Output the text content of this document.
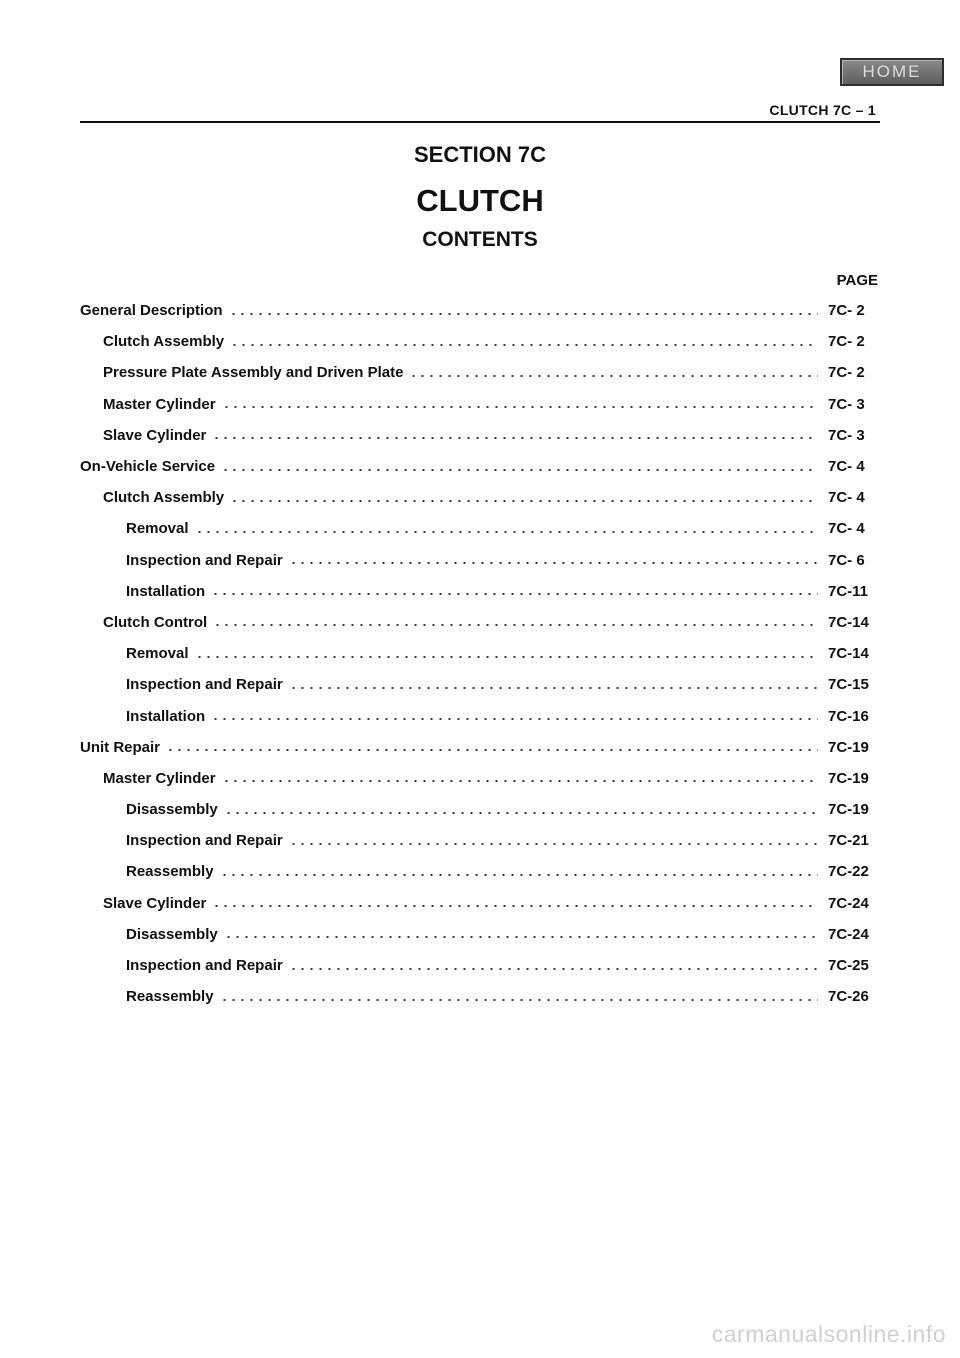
HOME
CLUTCH 7C – 1
SECTION 7C
CLUTCH
CONTENTS
PAGE
General Description	7C- 2
Clutch Assembly	7C- 2
Pressure Plate Assembly and Driven Plate	7C- 2
Master Cylinder	7C- 3
Slave Cylinder	7C- 3
On-Vehicle Service	7C- 4
Clutch Assembly	7C- 4
Removal	7C- 4
Inspection and Repair	7C- 6
Installation	7C-11
Clutch Control	7C-14
Removal	7C-14
Inspection and Repair	7C-15
Installation	7C-16
Unit Repair	7C-19
Master Cylinder	7C-19
Disassembly	7C-19
Inspection and Repair	7C-21
Reassembly	7C-22
Slave Cylinder	7C-24
Disassembly	7C-24
Inspection and Repair	7C-25
Reassembly	7C-26
carmanualsonline.info
